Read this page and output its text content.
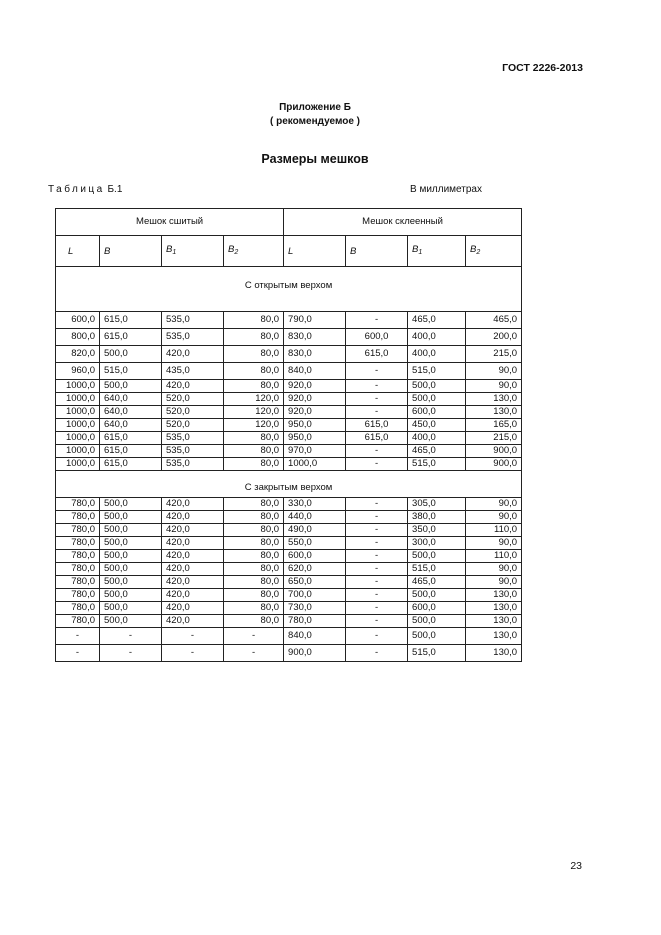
ГОСТ 2226-2013
Приложение Б
( рекомендуемое )
Размеры мешков
Таблица Б.1	В миллиметрах
Мешок сшитый				Мешок склеенный			
L	B	$B_1$	$B_2$	L	B	$B_1$	$B_2$
С открытым верхом							
600,0	615,0	535,0	80,0	790,0	-	465,0	465,0
800,0	615,0	535,0	80,0	830,0	600,0	400,0	200,0
820,0	500,0	420,0	80,0	830,0	615,0	400,0	215,0
960,0	515,0	435,0	80,0	840,0	-	515,0	90,0
1000,0	500,0	420,0	80,0	920,0	-	500,0	90,0
1000,0	640,0	520,0	120,0	920,0	-	500,0	130,0
1000,0	640,0	520,0	120,0	920,0	-	600,0	130,0
1000,0	640,0	520,0	120,0	950,0	615,0	450,0	165,0
1000,0	615,0	535,0	80,0	950,0	615,0	400,0	215,0
1000,0	615,0	535,0	80,0	970,0	-	465,0	900,0
1000,0	615,0	535,0	80,0	1000,0	-	515,0	900,0
С закрытым верхом							
780,0	500,0	420,0	80,0	330,0	-	305,0	90,0
780,0	500,0	420,0	80,0	440,0	-	380,0	90,0
780,0	500,0	420,0	80,0	490,0	-	350,0	110,0
780,0	500,0	420,0	80,0	550,0	-	300,0	90,0
780,0	500,0	420,0	80,0	600,0	-	500,0	110,0
780,0	500,0	420,0	80,0	620,0	-	515,0	90,0
780,0	500,0	420,0	80,0	650,0	-	465,0	90,0
780,0	500,0	420,0	80,0	700,0	-	500,0	130,0
780,0	500,0	420,0	80,0	730,0	-	600,0	130,0
780,0	500,0	420,0	80,0	780,0	-	500,0	130,0
-	-	-	-	840,0	-	500,0	130,0
-	-	-	-	900,0	-	515,0	130,0
23
